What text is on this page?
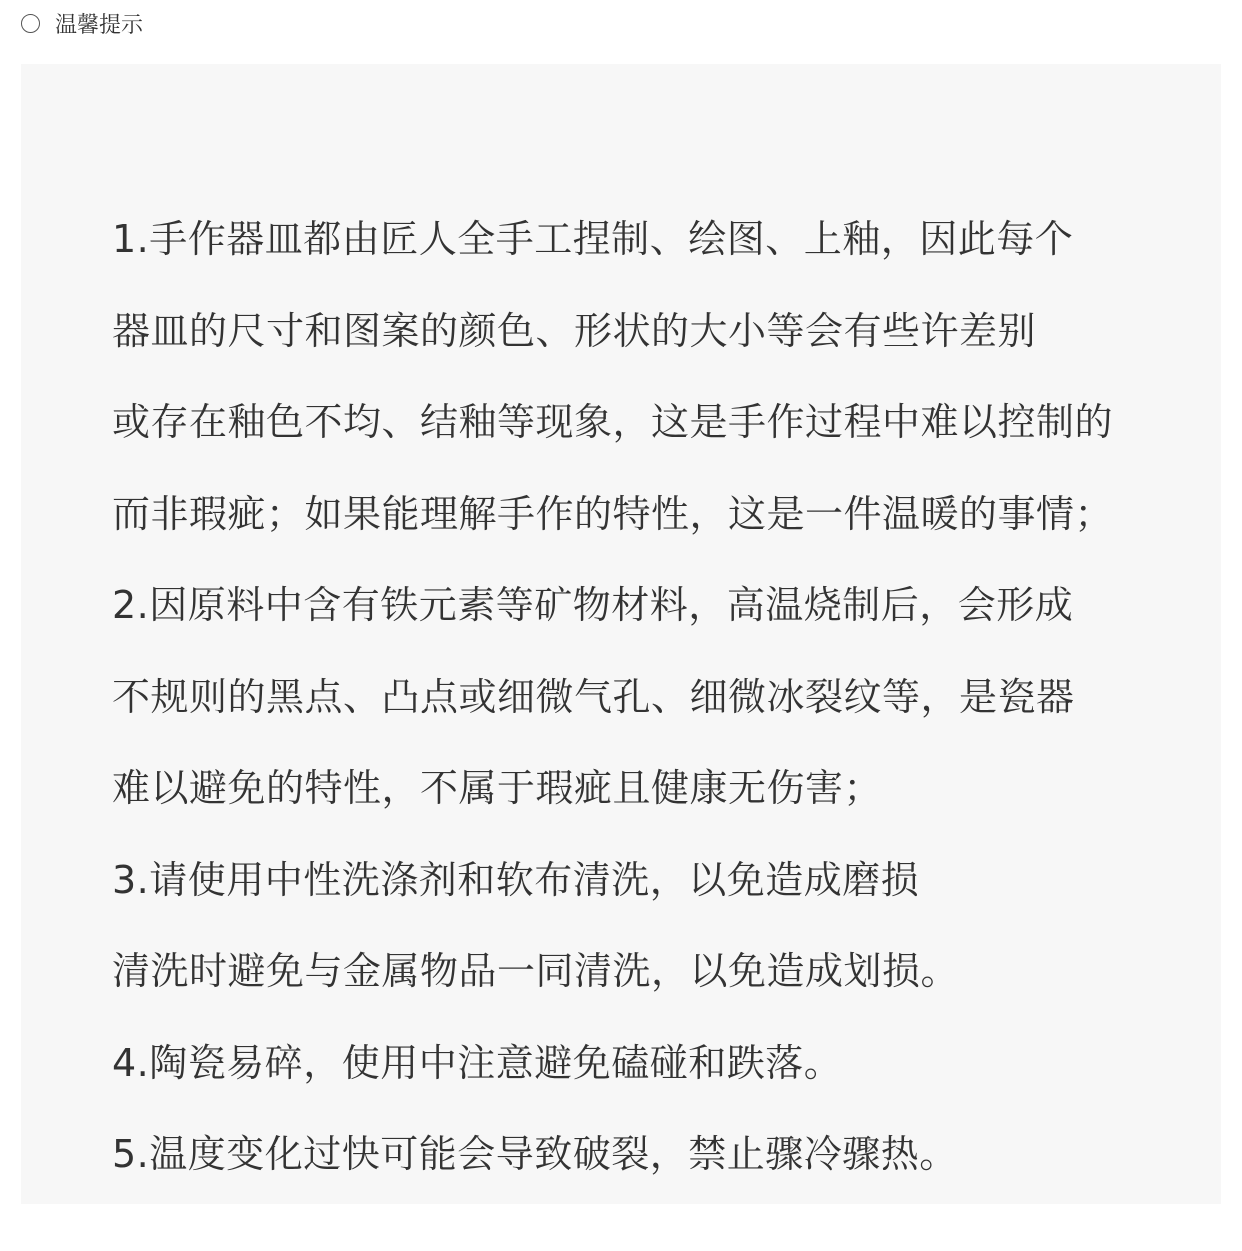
温馨提示
1.手作器皿都由匠人全手工捏制、绘图、上釉，因此每个
器皿的尺寸和图案的颜色、形状的大小等会有些许差别
或存在釉色不均、结釉等现象，这是手作过程中难以控制的
而非瑕疵；如果能理解手作的特性，这是一件温暖的事情；
2.因原料中含有铁元素等矿物材料，高温烧制后，会形成
不规则的黑点、凸点或细微气孔、细微冰裂纹等，是瓷器
难以避免的特性，不属于瑕疵且健康无伤害；
3.请使用中性洗涤剂和软布清洗，以免造成磨损
清洗时避免与金属物品一同清洗，以免造成划损。
4.陶瓷易碎，使用中注意避免磕碰和跌落。
5.温度变化过快可能会导致破裂，禁止骤冷骤热。
